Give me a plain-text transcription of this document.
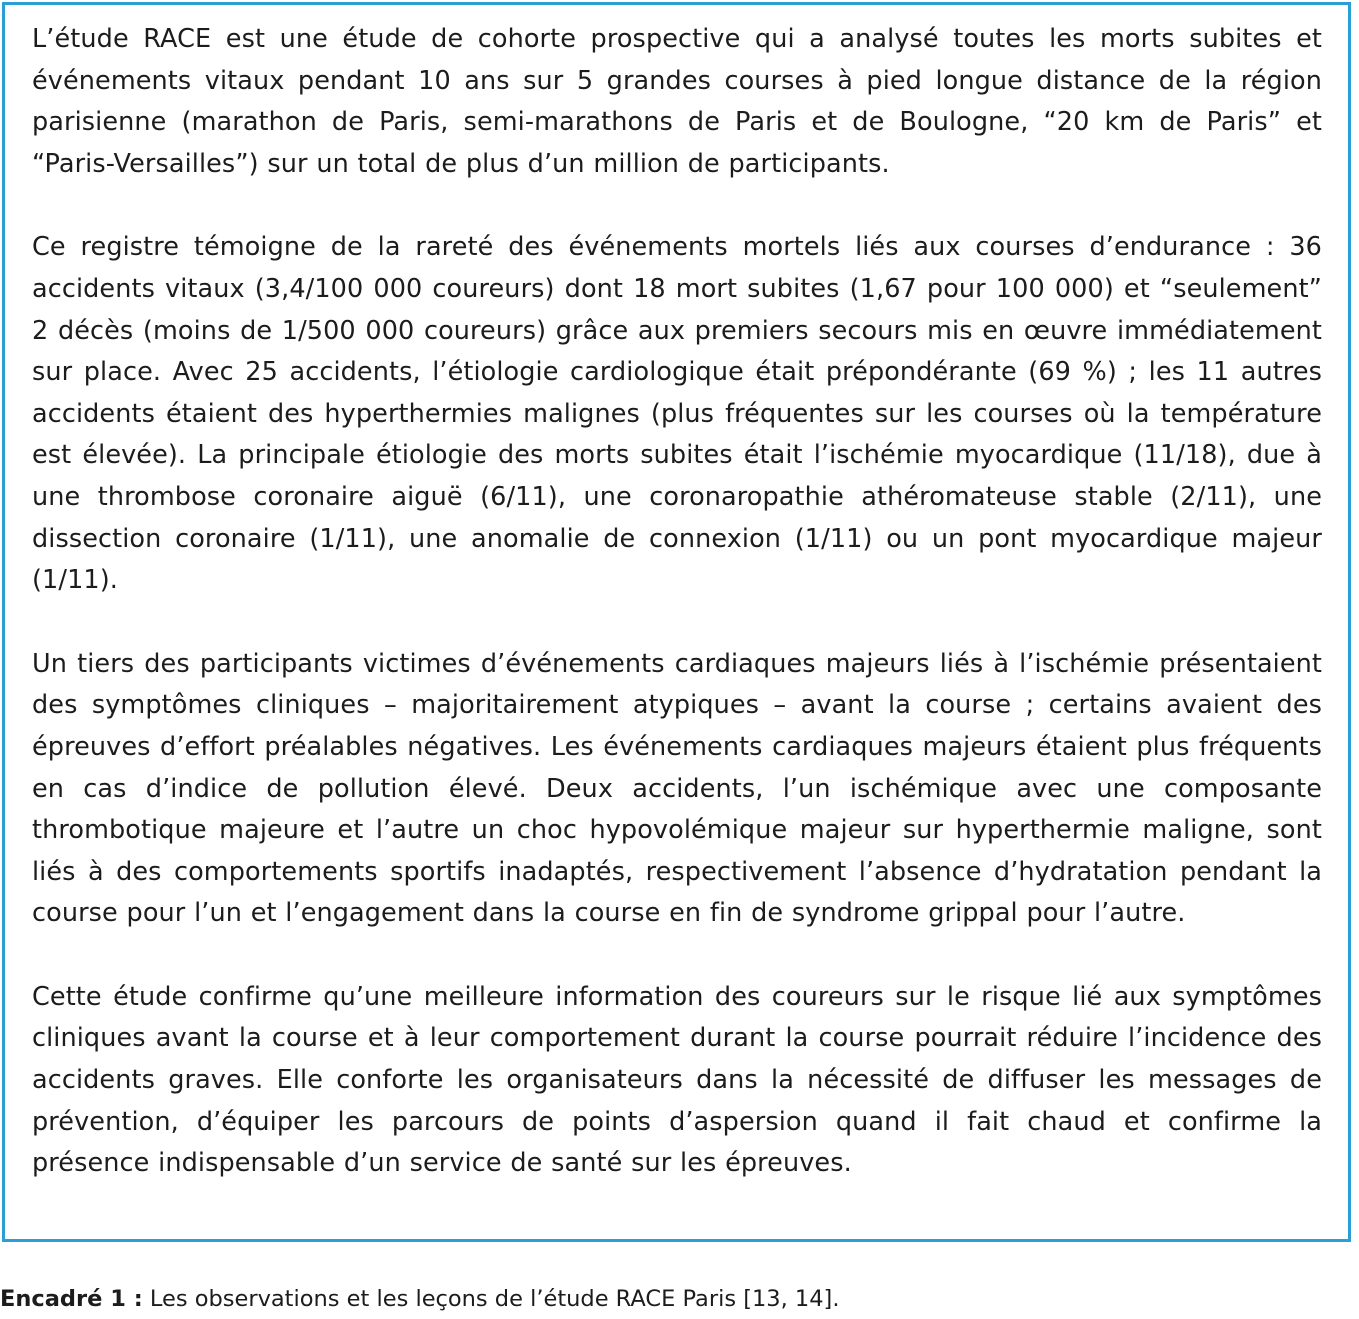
L’étude RACE est une étude de cohorte prospective qui a analysé toutes les morts subites et événements vitaux pendant 10 ans sur 5 grandes courses à pied longue distance de la région parisienne (marathon de Paris, semi-marathons de Paris et de Boulogne, “20 km de Paris” et “Paris-Versailles”) sur un total de plus d’un million de participants.

Ce registre témoigne de la rareté des événements mortels liés aux courses d’endurance : 36 accidents vitaux (3,4/100 000 coureurs) dont 18 mort subites (1,67 pour 100 000) et “seulement” 2 décès (moins de 1/500 000 coureurs) grâce aux premiers secours mis en œuvre immédiatement sur place. Avec 25 accidents, l’étiologie cardiologique était prépondérante (69 %) ; les 11 autres accidents étaient des hyperthermies malignes (plus fréquentes sur les courses où la température est élevée). La principale étiologie des morts subites était l’ischémie myocardique (11/18), due à une thrombose coronaire aiguë (6/11), une coronaropathie athéromateuse stable (2/11), une dissection coronaire (1/11), une anomalie de connexion (1/11) ou un pont myocardique majeur (1/11).

Un tiers des participants victimes d’événements cardiaques majeurs liés à l’ischémie présentaient des symptômes cliniques – majoritairement atypiques – avant la course ; certains avaient des épreuves d’effort préalables négatives. Les événements cardiaques majeurs étaient plus fréquents en cas d’indice de pollution élevé. Deux accidents, l’un ischémique avec une composante thrombotique majeure et l’autre un choc hypovolémique majeur sur hyperthermie maligne, sont liés à des comportements sportifs inadaptés, respectivement l’absence d’hydratation pendant la course pour l’un et l’engagement dans la course en fin de syndrome grippal pour l’autre.

Cette étude confirme qu’une meilleure information des coureurs sur le risque lié aux symptômes cliniques avant la course et à leur comportement durant la course pourrait réduire l’incidence des accidents graves. Elle conforte les organisateurs dans la nécessité de diffuser les messages de prévention, d’équiper les parcours de points d’aspersion quand il fait chaud et confirme la présence indispensable d’un service de santé sur les épreuves.

Encadré 1 : Les observations et les leçons de l’étude RACE Paris [13, 14].
